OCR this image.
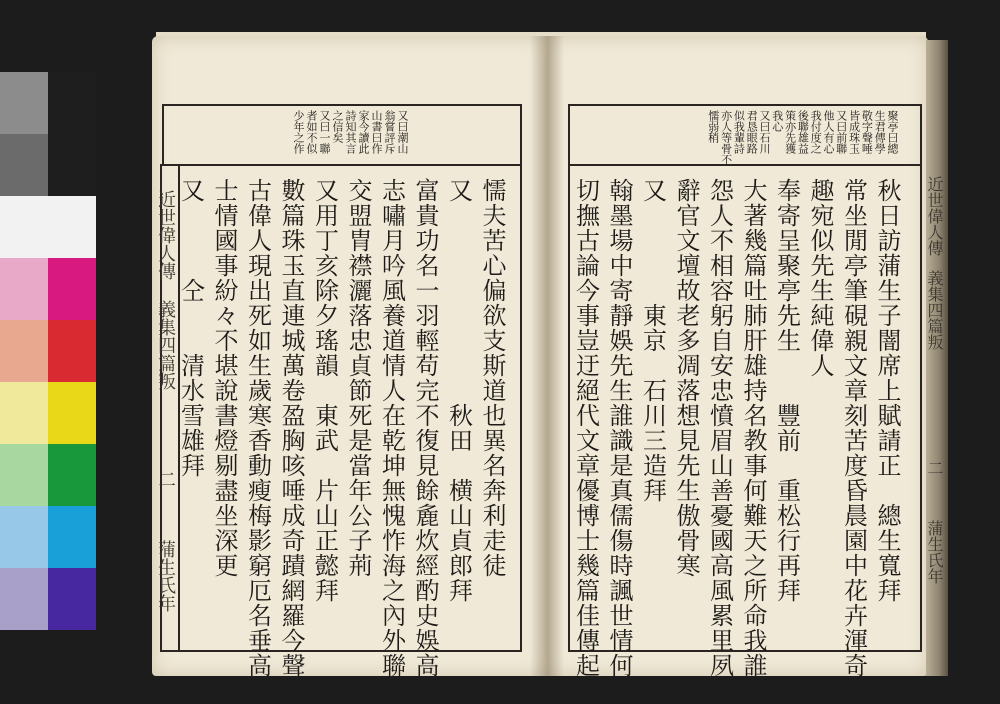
近世偉人傳
義集四篇叛
二
蒲生氏年
又曰潮山
翁嘗評斥
山書曰作
家今讀此
詩知其言
之信矣
又曰一聯
者如不似
少年之作
懦夫苦心偏欲支斯道也異名奔利走徒
又　　　　　　　　秋田　横山貞郎拜
富貴功名一羽輕苟完不復見餘麁炊經酌史娛高
志嘯月吟風養道情人在乾坤無愧怍海之內外聯
交盟胄襟灑落忠貞節死是當年公子荊
又用丁亥除夕瑤韻　東武　片山正懿拜
數篇珠玉直連城萬卷盈胸咳唾成奇蹟網羅今聲
古偉人現出死如生歲寒香動瘦梅影窮厄名垂高
士情國事紛々不堪說書燈剔盡坐深更
又　　　仝　　清水雪雄拜
聚亭曰總
生君傳學
敬字聲唾
皆成珠玉
又曰前聯
他人有心
我付度之
後聯雄益
策亦先獲
我心
又曰石川
君恳眼路
似我輩詩
亦人等骨不
懦弱稍
秋日訪蒲生子闇席上賦請正　總生寬拜
常坐閒亭筆硯親文章刻苦度昏晨園中花卉渾奇
趣宛似先生純偉人
奉寄呈聚亭先生　　豐前　重松行再拜
大著幾篇吐肺肝雄持名教事何難天之所命我誰
怨人不相容躬自安忠憤眉山善憂國高風累里夙
辭官文壇故老多凋落想見先生傲骨寒
又　　　　東京　石川三造拜
翰墨場中寄靜娛先生誰識是真儒傷時諷世情何
切撫古論今事豈迂絕代文章優博士幾篇佳傳起	近世偉人傳
義集四篇叛
二
蒲生氏年
